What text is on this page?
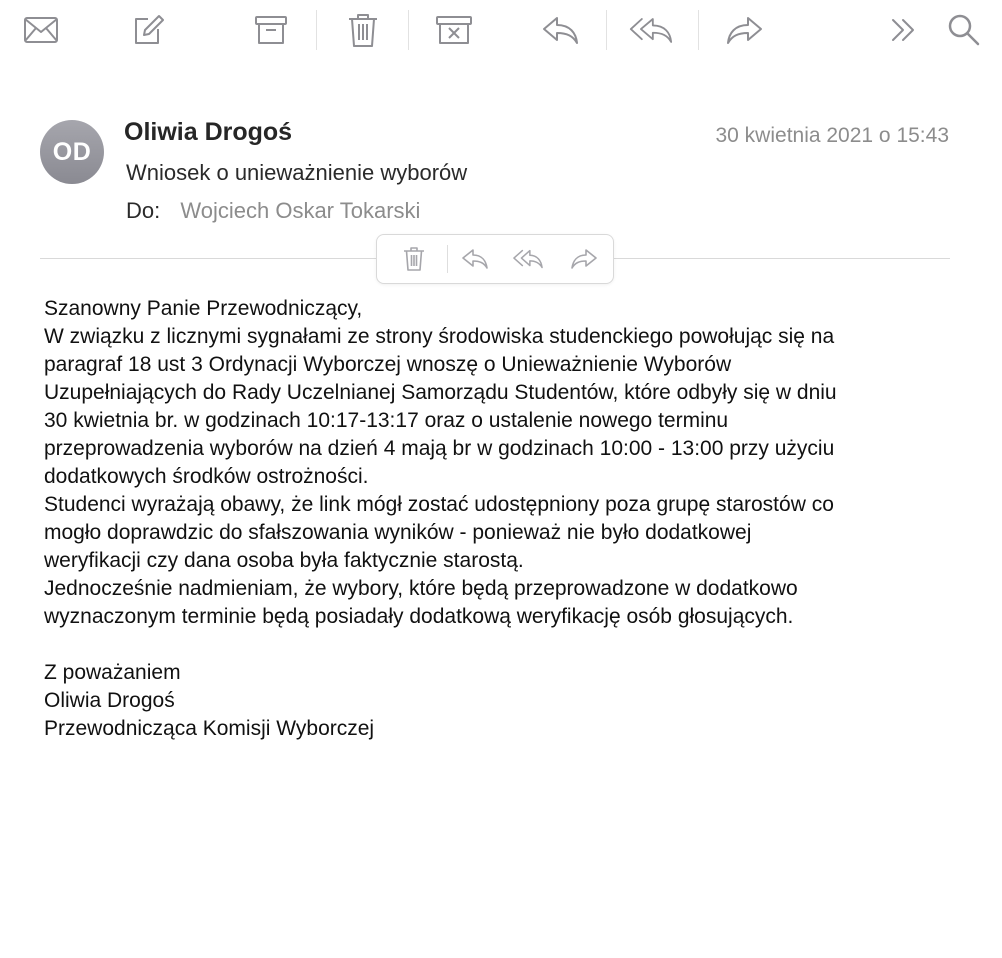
OD
Oliwia Drogoś	30 kwietnia 2021 o 15:43
Wniosek o unieważnienie wyborów
Do: Wojciech Oskar Tokarski

Szanowny Panie Przewodniczący,

W związku z licznymi sygnałami ze strony środowiska studenckiego powołując się na

paragraf 18 ust 3 Ordynacji Wyborczej wnoszę o Unieważnienie Wyborów

Uzupełniających do Rady Uczelnianej Samorządu Studentów, które odbyły się w dniu

30 kwietnia br. w godzinach 10:17-13:17 oraz o ustalenie nowego terminu

przeprowadzenia wyborów na dzień 4 mają br w godzinach 10:00 - 13:00 przy użyciu

dodatkowych środków ostrożności.

Studenci wyrażają obawy, że link mógł zostać udostępniony poza grupę starostów co

mogło doprawdzic do sfałszowania wyników - ponieważ nie było dodatkowej

weryfikacji czy dana osoba była faktycznie starostą.

Jednocześnie nadmieniam, że wybory, które będą przeprowadzone w dodatkowo

wyznaczonym terminie będą posiadały dodatkową weryfikację osób głosujących.

Z poważaniem

Oliwia Drogoś

Przewodnicząca Komisji Wyborczej
